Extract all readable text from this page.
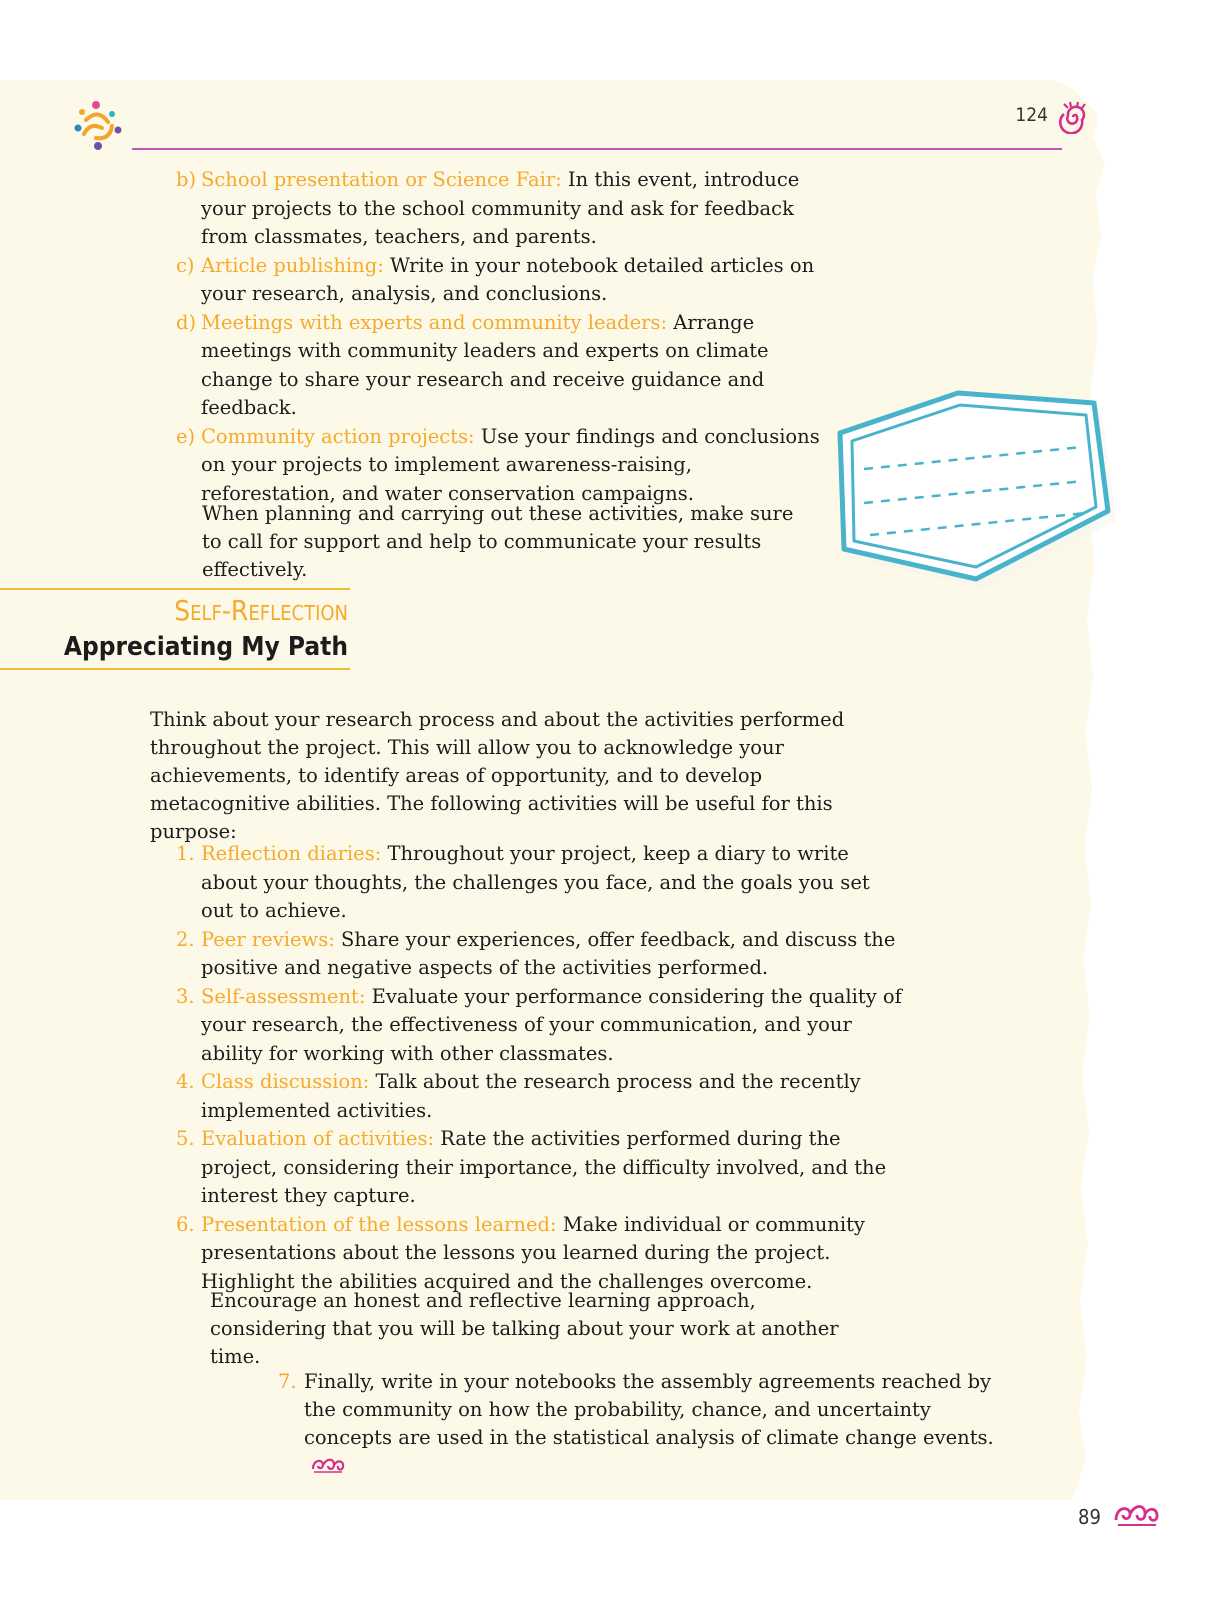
124
b) School presentation or Science Fair: In this event, introduce your projects to the school community and ask for feedback from classmates, teachers, and parents.
c) Article publishing: Write in your notebook detailed articles on your research, analysis, and conclusions.
d) Meetings with experts and community leaders: Arrange meetings with community leaders and experts on climate change to share your research and receive guidance and feedback.
e) Community action projects: Use your findings and conclusions on your projects to implement awareness-raising, reforestation, and water conservation campaigns.

When planning and carrying out these activities, make sure to call for support and help to communicate your results effectively.

Self-Reflection
Appreciating My Path

Think about your research process and about the activities performed throughout the project. This will allow you to acknowledge your achievements, to identify areas of opportunity, and to develop metacognitive abilities. The following activities will be useful for this purpose:

1. Reflection diaries: Throughout your project, keep a diary to write about your thoughts, the challenges you face, and the goals you set out to achieve.
2. Peer reviews: Share your experiences, offer feedback, and discuss the positive and negative aspects of the activities performed.
3. Self-assessment: Evaluate your performance considering the quality of your research, the effectiveness of your communication, and your ability for working with other classmates.
4. Class discussion: Talk about the research process and the recently implemented activities.
5. Evaluation of activities: Rate the activities performed during the project, considering their importance, the difficulty involved, and the interest they capture.
6. Presentation of the lessons learned: Make individual or community presentations about the lessons you learned during the project. Highlight the abilities acquired and the challenges overcome.

Encourage an honest and reflective learning approach, considering that you will be talking about your work at another time.

7. Finally, write in your notebooks the assembly agreements reached by the community on how the probability, chance, and uncertainty concepts are used in the statistical analysis of climate change events.
89
